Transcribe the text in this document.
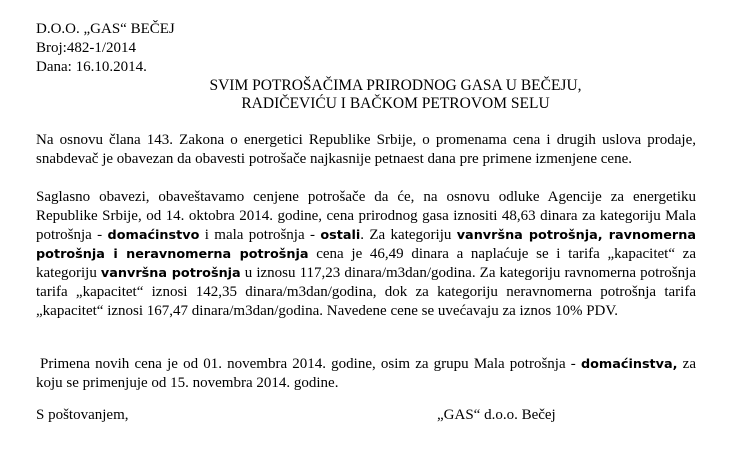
D.O.O. „GAS“ BEČEJ
Broj:482-1/2014
Dana: 16.10.2014.
SVIM POTROŠAČIMA PRIRODNOG GASA U BEČEJU,
RADIČEVIĆU I BAČKOM PETROVOM SELU
Na osnovu člana 143. Zakona o energetici Republike Srbije, o promenama cena i drugih uslova prodaje, snabdevač je obavezan da obavesti potrošače najkasnije petnaest dana pre primene izmenjene cene.
Saglasno obavezi, obaveštavamo cenjene potrošače da će, na osnovu odluke Agencije za energetiku Republike Srbije, od 14. oktobra 2014. godine, cena prirodnog gasa iznositi 48,63 dinara za kategoriju Mala potrošnja - domaćinstvo i mala potrošnja - ostali. Za kategoriju vanvršna potrošnja, ravnomerna potrošnja i neravnomerna potrošnja cena je 46,49 dinara a naplaćuje se i tarifa „kapacitet“ za kategoriju vanvršna potrošnja u iznosu 117,23 dinara/m3dan/godina. Za kategoriju ravnomerna potrošnja tarifa „kapacitet“ iznosi 142,35 dinara/m3dan/godina, dok za kategoriju neravnomerna potrošnja tarifa „kapacitet“ iznosi 167,47 dinara/m3dan/godina. Navedene cene se uvećavaju za iznos 10% PDV.
Primena novih cena je od 01. novembra 2014. godine, osim za grupu Mala potrošnja - domaćinstva, za koju se primenjuje od 15. novembra 2014. godine.
S poštovanjem,	„GAS“ d.o.o. Bečej
